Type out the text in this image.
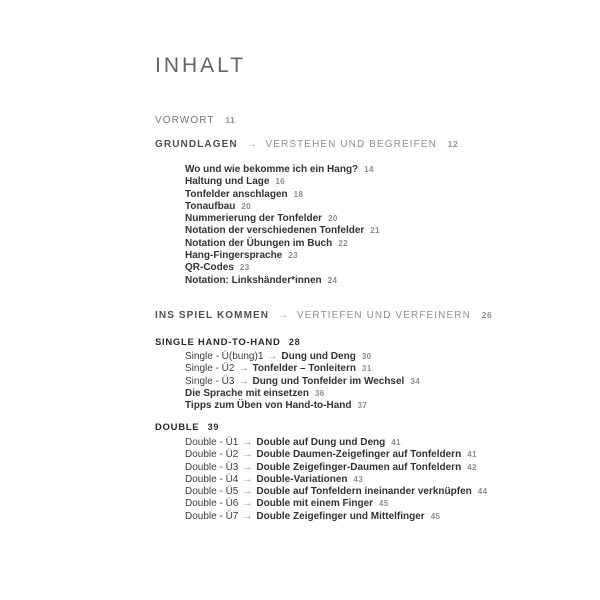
INHALT
VORWORT 11
GRUNDLAGEN → VERSTEHEN UND BEGREIFEN 12
Wo und wie bekomme ich ein Hang? 14
Haltung und Lage 16
Tonfelder anschlagen 18
Tonaufbau 20
Nummerierung der Tonfelder 20
Notation der verschiedenen Tonfelder 21
Notation der Übungen im Buch 22
Hang-Fingersprache 23
QR-Codes 23
Notation: Linkshänder*innen 24
INS SPIEL KOMMEN → VERTIEFEN UND VERFEINERN 26
SINGLE HAND-TO-HAND 28
Single - Ü(bung)1 → Dung und Deng 30
Single - Ü2 → Tonfelder – Tonleitern 31
Single - Ü3 → Dung und Tonfelder im Wechsel 34
Die Sprache mit einsetzen 36
Tipps zum Üben von Hand-to-Hand 37
DOUBLE 39
Double - Ü1 → Double auf Dung und Deng 41
Double - Ü2 → Double Daumen-Zeigefinger auf Tonfeldern 41
Double - Ü3 → Double Zeigefinger-Daumen auf Tonfeldern 42
Double - Ü4 → Double-Variationen 43
Double - Ü5 → Double auf Tonfeldern ineinander verknüpfen 44
Double - Ü6 → Double mit einem Finger 45
Double - Ü7 → Double Zeigefinger und Mittelfinger 45
